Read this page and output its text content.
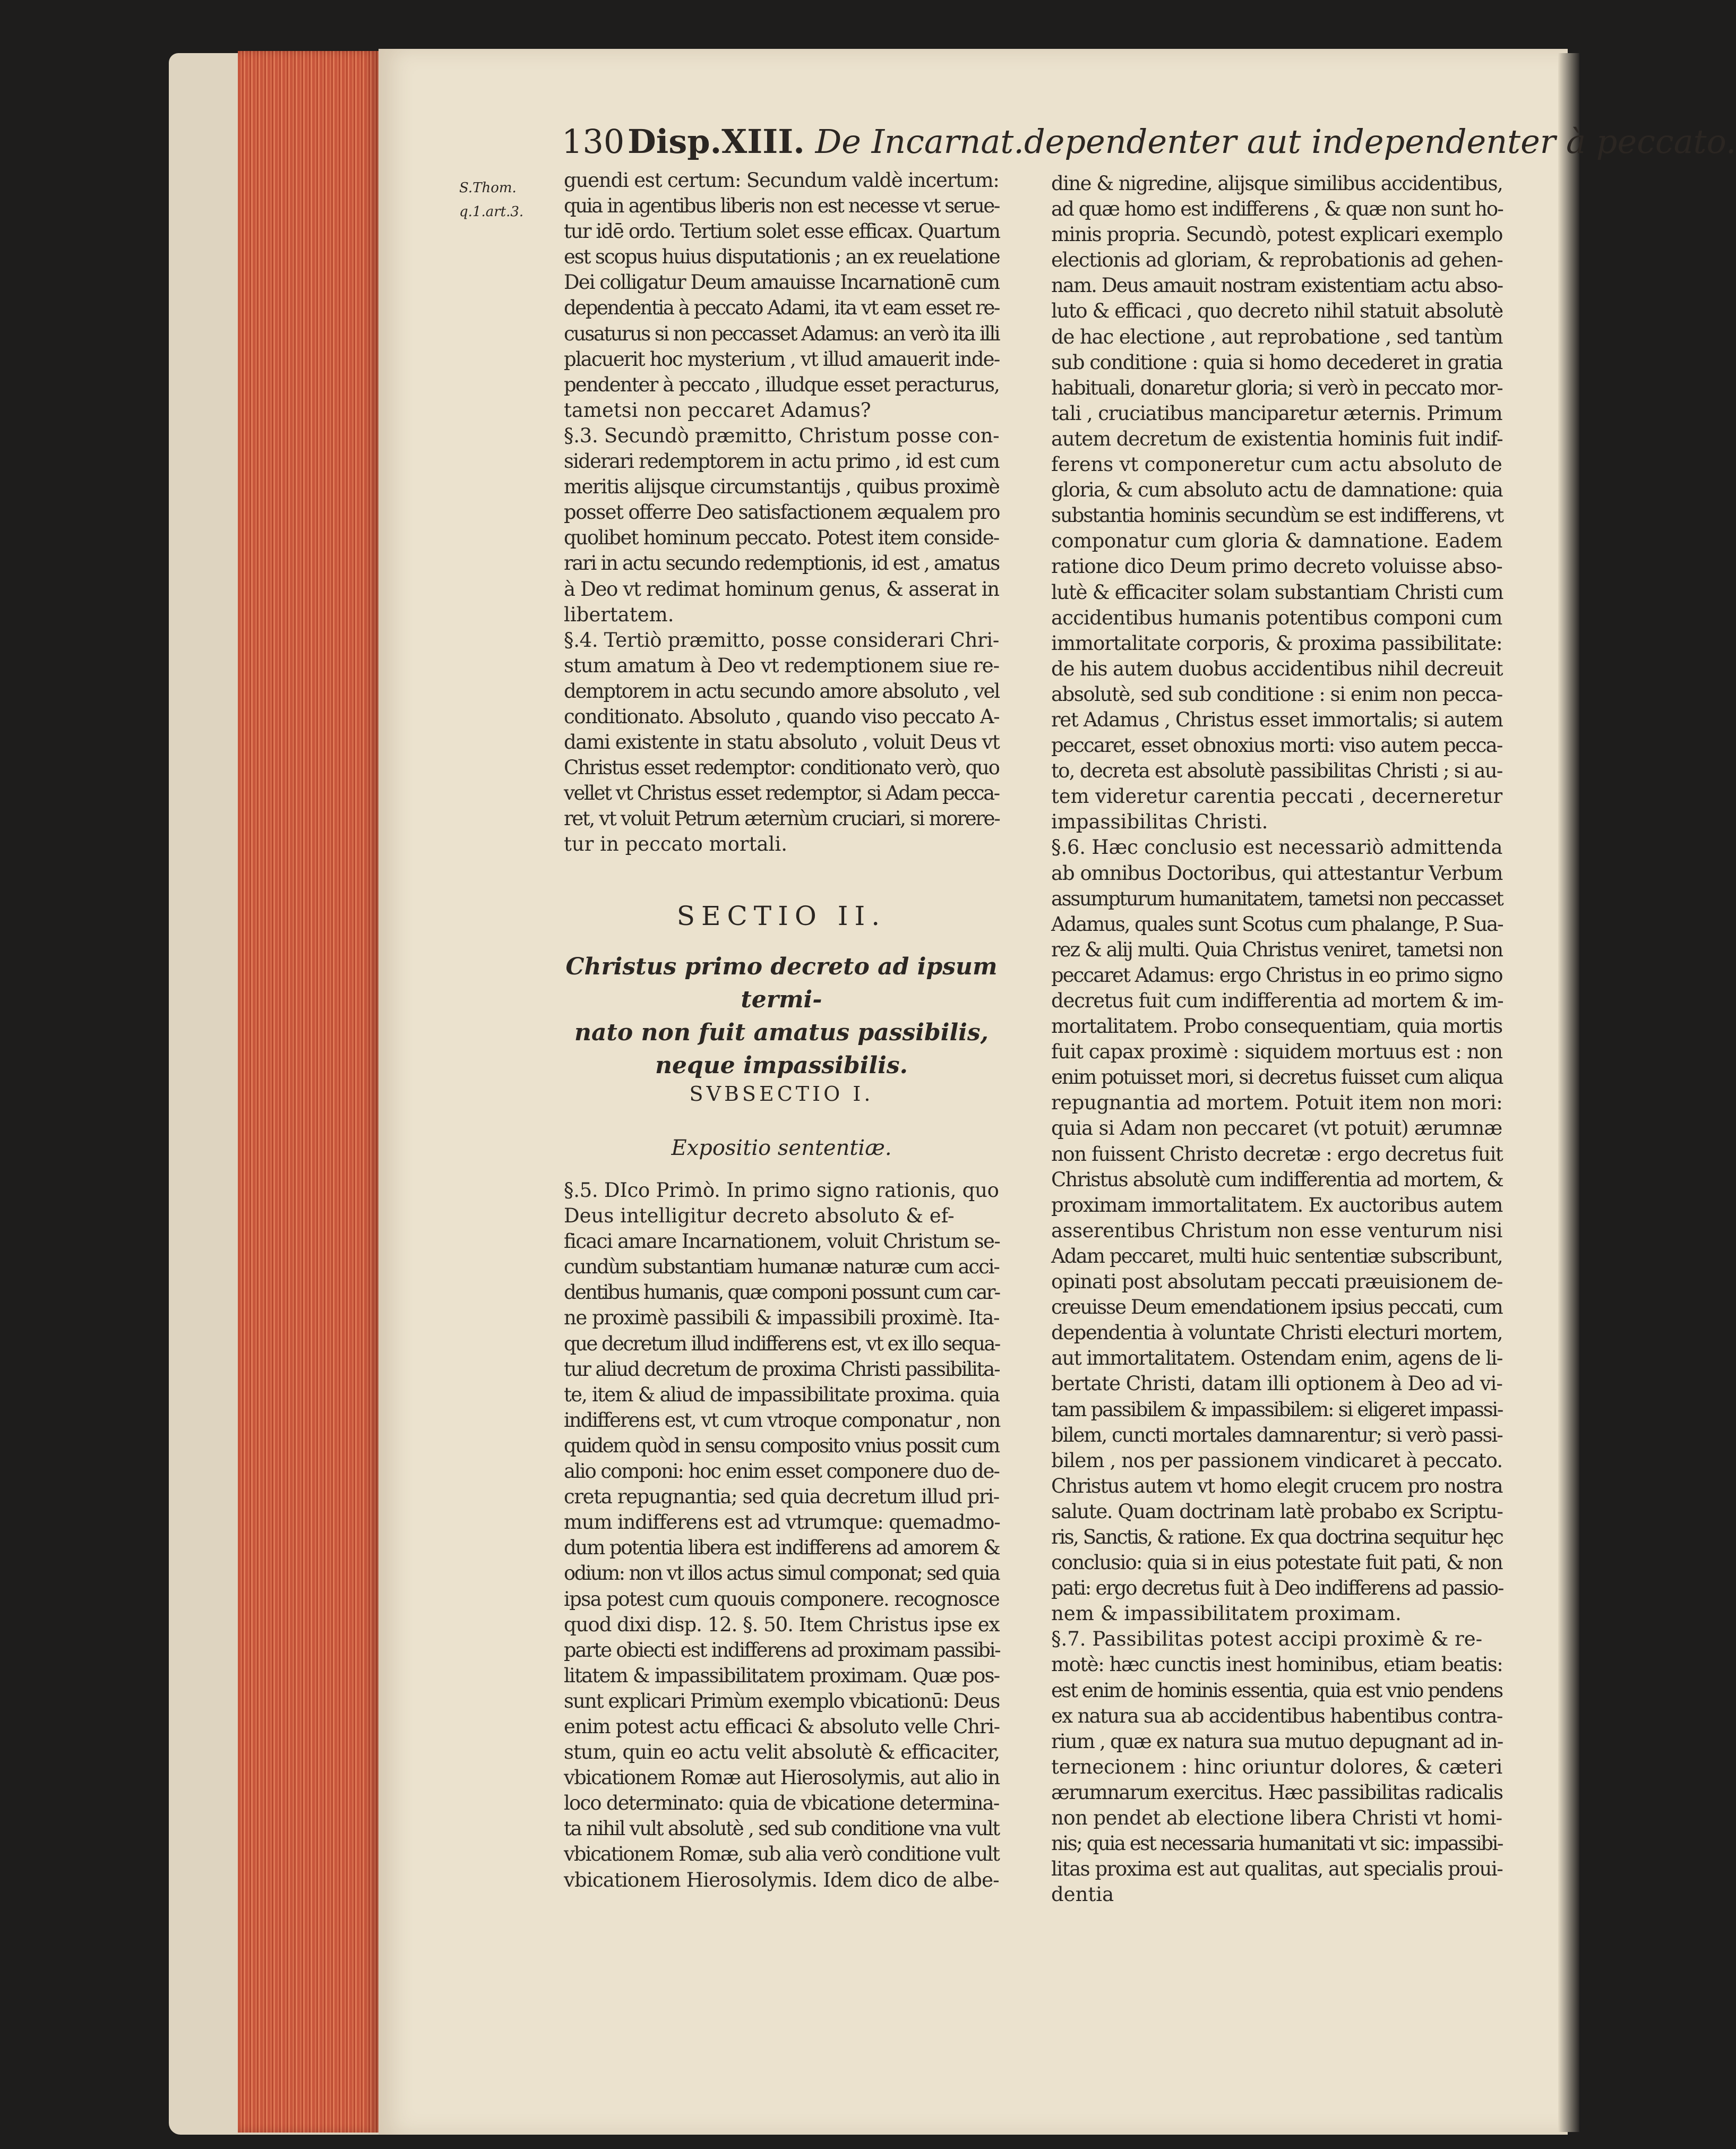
130 Disp.XIII. De Incarnat.dependenter aut independenter à peccato.
S.Thom.
q.1.art.3.
guendi est certum: Secundum valdè incertum:
quia in agentibus liberis non est necesse vt serue-
tur idē ordo. Tertium solet esse efficax. Quartum
est scopus huius disputationis ; an ex reuelatione
Dei colligatur Deum amauisse Incarnationē cum
dependentia à peccato Adami, ita vt eam esset re-
cusaturus si non peccasset Adamus: an verò ita illi
placuerit hoc mysterium , vt illud amauerit inde-
pendenter à peccato , illudque esset peracturus,
tametsi non peccaret Adamus?
§.3. Secundò præmitto, Christum posse con-
siderari redemptorem in actu primo , id est cum
meritis alijsque circumstantijs , quibus proximè
posset offerre Deo satisfactionem æqualem pro
quolibet hominum peccato. Potest item conside-
rari in actu secundo redemptionis, id est , amatus
à Deo vt redimat hominum genus, & asserat in
libertatem.
§.4. Tertiò præmitto, posse considerari Chri-
stum amatum à Deo vt redemptionem siue re-
demptorem in actu secundo amore absoluto , vel
conditionato. Absoluto , quando viso peccato A-
dami existente in statu absoluto , voluit Deus vt
Christus esset redemptor: conditionato verò, quo
vellet vt Christus esset redemptor, si Adam pecca-
ret, vt voluit Petrum æternùm cruciari, si morere-
tur in peccato mortali.
SECTIO II.
Christus primo decreto ad ipsum termi-
nato non fuit amatus passibilis,
neque impassibilis.
SVBSECTIO I.
Expositio sententiæ.
§.5. DIco Primò. In primo signo rationis, quo
Deus intelligitur decreto absoluto & ef-
ficaci amare Incarnationem, voluit Christum se-
cundùm substantiam humanæ naturæ cum acci-
dentibus humanis, quæ componi possunt cum car-
ne proximè passibili & impassibili proximè. Ita-
que decretum illud indifferens est, vt ex illo sequa-
tur aliud decretum de proxima Christi passibilita-
te, item & aliud de impassibilitate proxima. quia
indifferens est, vt cum vtroque componatur , non
quidem quòd in sensu composito vnius possit cum
alio componi: hoc enim esset componere duo de-
creta repugnantia; sed quia decretum illud pri-
mum indifferens est ad vtrumque: quemadmo-
dum potentia libera est indifferens ad amorem &
odium: non vt illos actus simul componat; sed quia
ipsa potest cum quouis componere. recognosce
quod dixi disp. 12. §. 50. Item Christus ipse ex
parte obiecti est indifferens ad proximam passibi-
litatem & impassibilitatem proximam. Quæ pos-
sunt explicari Primùm exemplo vbicationū: Deus
enim potest actu efficaci & absoluto velle Chri-
stum, quin eo actu velit absolutè & efficaciter,
vbicationem Romæ aut Hierosolymis, aut alio in
loco determinato: quia de vbicatione determina-
ta nihil vult absolutè , sed sub conditione vna vult
vbicationem Romæ, sub alia verò conditione vult
vbicationem Hierosolymis. Idem dico de albe-
dine & nigredine, alijsque similibus accidentibus,
ad quæ homo est indifferens , & quæ non sunt ho-
minis propria. Secundò, potest explicari exemplo
electionis ad gloriam, & reprobationis ad gehen-
nam. Deus amauit nostram existentiam actu abso-
luto & efficaci , quo decreto nihil statuit absolutè
de hac electione , aut reprobatione , sed tantùm
sub conditione : quia si homo decederet in gratia
habituali, donaretur gloria; si verò in peccato mor-
tali , cruciatibus manciparetur æternis. Primum
autem decretum de existentia hominis fuit indif-
ferens vt componeretur cum actu absoluto de
gloria, & cum absoluto actu de damnatione: quia
substantia hominis secundùm se est indifferens, vt
componatur cum gloria & damnatione. Eadem
ratione dico Deum primo decreto voluisse abso-
lutè & efficaciter solam substantiam Christi cum
accidentibus humanis potentibus componi cum
immortalitate corporis, & proxima passibilitate:
de his autem duobus accidentibus nihil decreuit
absolutè, sed sub conditione : si enim non pecca-
ret Adamus , Christus esset immortalis; si autem
peccaret, esset obnoxius morti: viso autem pecca-
to, decreta est absolutè passibilitas Christi ; si au-
tem videretur carentia peccati , decerneretur
impassibilitas Christi.
§.6. Hæc conclusio est necessariò admittenda
ab omnibus Doctoribus, qui attestantur Verbum
assumpturum humanitatem, tametsi non peccasset
Adamus, quales sunt Scotus cum phalange, P. Sua-
rez & alij multi. Quia Christus veniret, tametsi non
peccaret Adamus: ergo Christus in eo primo signo
decretus fuit cum indifferentia ad mortem & im-
mortalitatem. Probo consequentiam, quia mortis
fuit capax proximè : siquidem mortuus est : non
enim potuisset mori, si decretus fuisset cum aliqua
repugnantia ad mortem. Potuit item non mori:
quia si Adam non peccaret (vt potuit) ærumnæ
non fuissent Christo decretæ : ergo decretus fuit
Christus absolutè cum indifferentia ad mortem, &
proximam immortalitatem. Ex auctoribus autem
asserentibus Christum non esse venturum nisi
Adam peccaret, multi huic sententiæ subscribunt,
opinati post absolutam peccati præuisionem de-
creuisse Deum emendationem ipsius peccati, cum
dependentia à voluntate Christi electuri mortem,
aut immortalitatem. Ostendam enim, agens de li-
bertate Christi, datam illi optionem à Deo ad vi-
tam passibilem & impassibilem: si eligeret impassi-
bilem, cuncti mortales damnarentur; si verò passi-
bilem , nos per passionem vindicaret à peccato.
Christus autem vt homo elegit crucem pro nostra
salute. Quam doctrinam latè probabo ex Scriptu-
ris, Sanctis, & ratione. Ex qua doctrina sequitur hęc
conclusio: quia si in eius potestate fuit pati, & non
pati: ergo decretus fuit à Deo indifferens ad passio-
nem & impassibilitatem proximam.
§.7. Passibilitas potest accipi proximè & re-
motè: hæc cunctis inest hominibus, etiam beatis:
est enim de hominis essentia, quia est vnio pendens
ex natura sua ab accidentibus habentibus contra-
rium , quæ ex natura sua mutuo depugnant ad in-
ternecionem : hinc oriuntur dolores, & cæteri
ærumnarum exercitus. Hæc passibilitas radicalis
non pendet ab electione libera Christi vt homi-
nis; quia est necessaria humanitati vt sic: impassibi-
litas proxima est aut qualitas, aut specialis proui-
dentia
